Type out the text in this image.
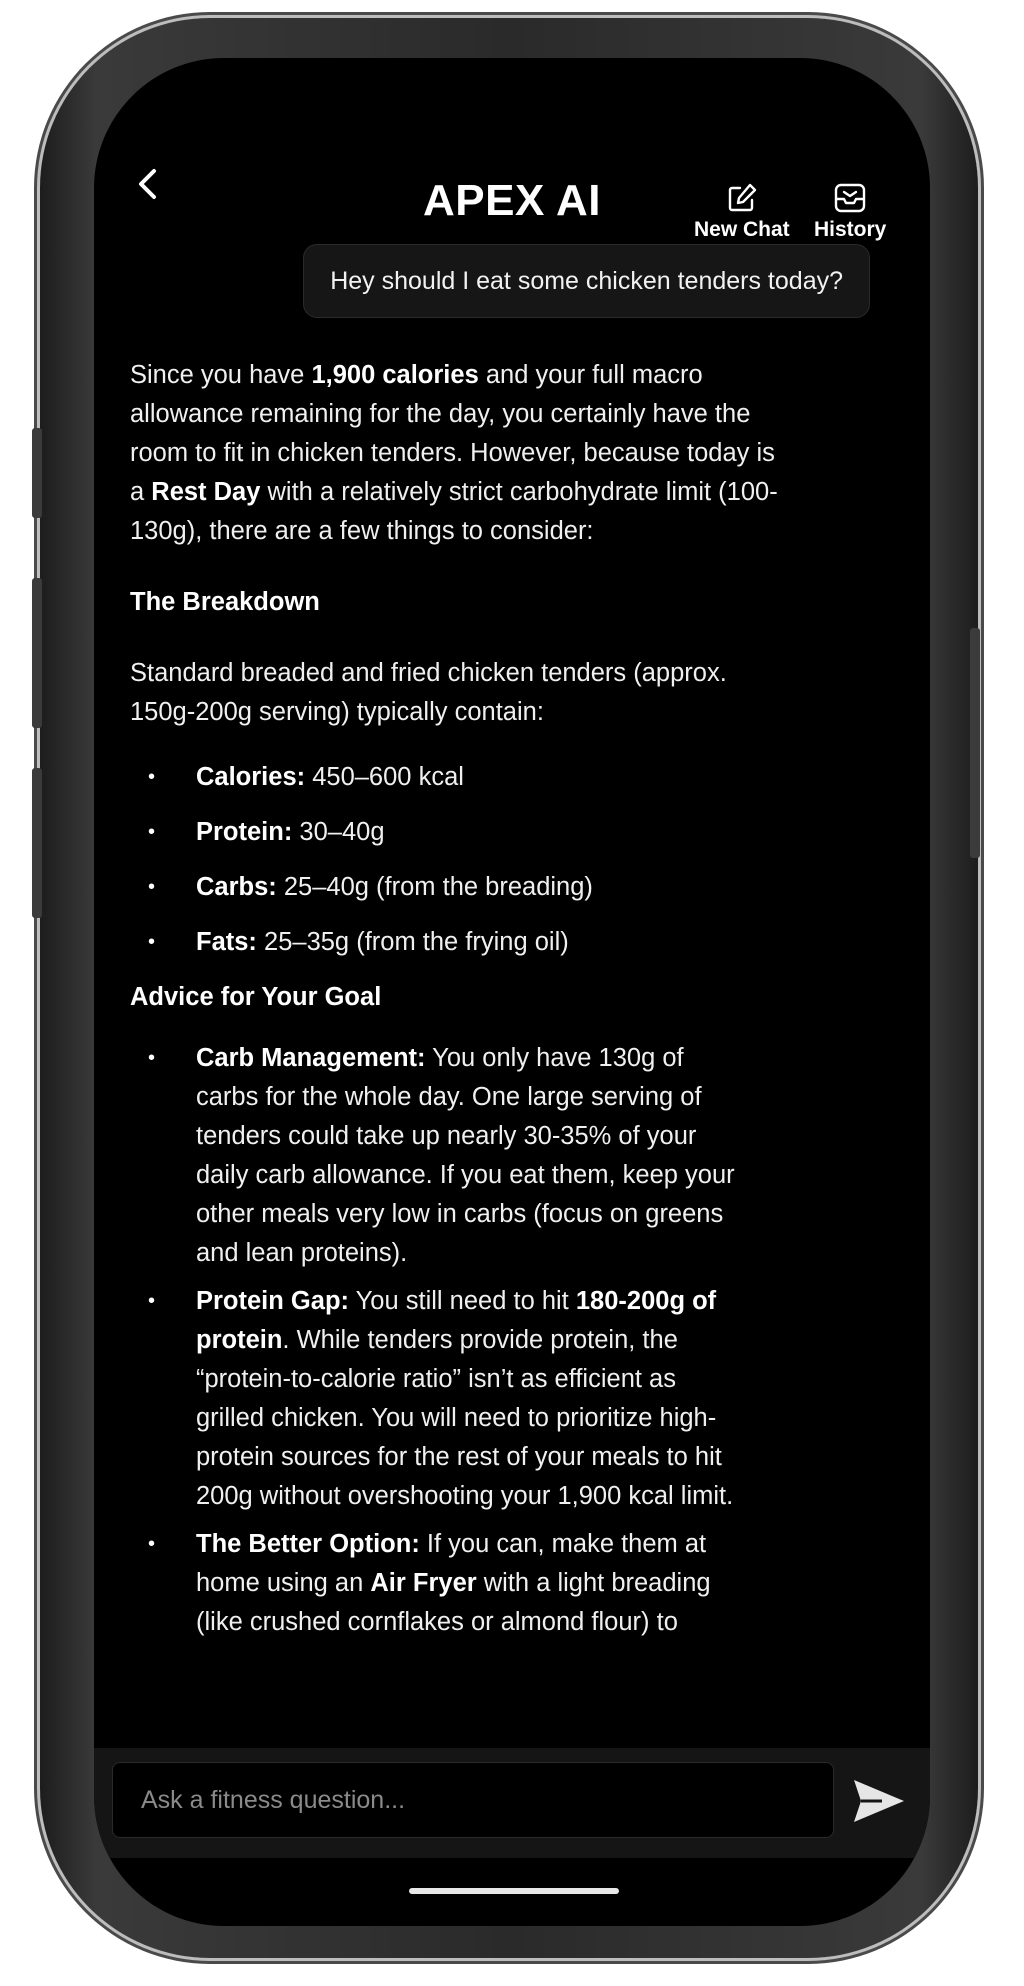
APEX AI
New Chat History
Hey should I eat some chicken tenders today?

Since you have 1,900 calories and your full macro allowance remaining for the day, you certainly have the room to fit in chicken tenders. However, because today is a Rest Day with a relatively strict carbohydrate limit (100-130g), there are a few things to consider:

The Breakdown

Standard breaded and fried chicken tenders (approx. 150g-200g serving) typically contain:

• Calories: 450–600 kcal
• Protein: 30–40g
• Carbs: 25–40g (from the breading)
• Fats: 25–35g (from the frying oil)

Advice for Your Goal

• Carb Management: You only have 130g of carbs for the whole day. One large serving of tenders could take up nearly 30-35% of your daily carb allowance. If you eat them, keep your other meals very low in carbs (focus on greens and lean proteins).
• Protein Gap: You still need to hit 180-200g of protein. While tenders provide protein, the “protein-to-calorie ratio” isn’t as efficient as grilled chicken. You will need to prioritize high-protein sources for the rest of your meals to hit 200g without overshooting your 1,900 kcal limit.
• The Better Option: If you can, make them at home using an Air Fryer with a light breading (like crushed cornflakes or almond flour) to
Ask a fitness question...
